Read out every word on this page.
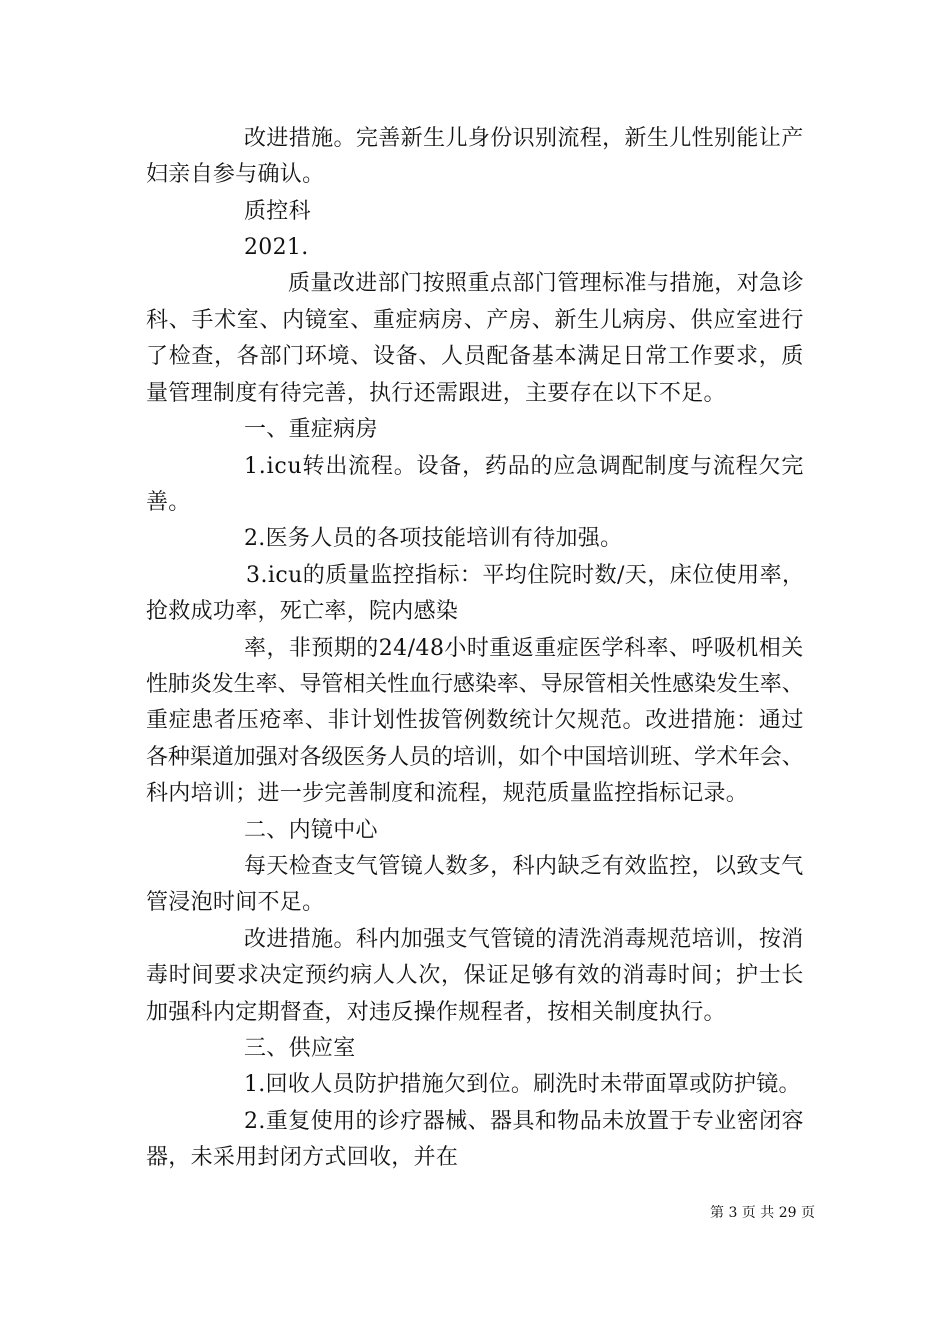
改进措施。完善新生儿身份识别流程，新生儿性别能让产
妇亲自参与确认。
质控科
2021.
质量改进部门按照重点部门管理标准与措施，对急诊
科、手术室、内镜室、重症病房、产房、新生儿病房、供应室进行
了检查，各部门环境、设备、人员配备基本满足日常工作要求，质
量管理制度有待完善，执行还需跟进，主要存在以下不足。
一、重症病房
1.icu转出流程。设备，药品的应急调配制度与流程欠完
善。
2.医务人员的各项技能培训有待加强。
3.icu的质量监控指标：平均住院时数/天，床位使用率，
抢救成功率，死亡率，院内感染
率，非预期的24/48小时重返重症医学科率、呼吸机相关
性肺炎发生率、导管相关性血行感染率、导尿管相关性感染发生率、
重症患者压疮率、非计划性拔管例数统计欠规范。改进措施：通过
各种渠道加强对各级医务人员的培训，如个中国培训班、学术年会、
科内培训；进一步完善制度和流程，规范质量监控指标记录。
二、内镜中心
每天检查支气管镜人数多，科内缺乏有效监控，以致支气
管浸泡时间不足。
改进措施。科内加强支气管镜的清洗消毒规范培训，按消
毒时间要求决定预约病人人次，保证足够有效的消毒时间；护士长
加强科内定期督查，对违反操作规程者，按相关制度执行。
三、供应室
1.回收人员防护措施欠到位。刷洗时未带面罩或防护镜。
2.重复使用的诊疗器械、器具和物品未放置于专业密闭容
器，未采用封闭方式回收，并在
第 3 页 共 29 页
